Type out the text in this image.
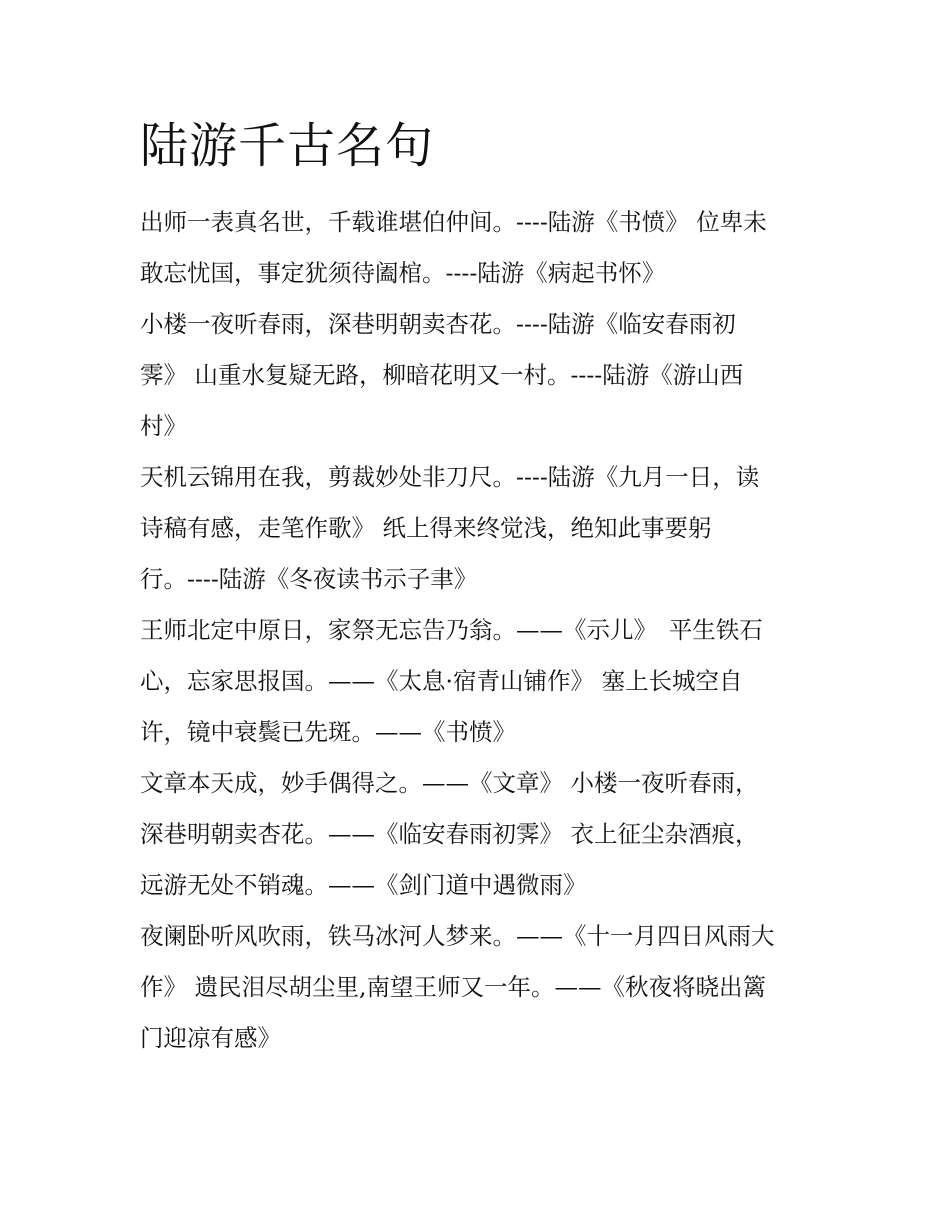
陆游千古名句

出师一表真名世，千载谁堪伯仲间。----陆游《书愤》 位卑未

敢忘忧国，事定犹须待阖棺。----陆游《病起书怀》

小楼一夜听春雨，深巷明朝卖杏花。----陆游《临安春雨初

霁》 山重水复疑无路，柳暗花明又一村。----陆游《游山西

村》

天机云锦用在我，剪裁妙处非刀尺。----陆游《九月一日，读

诗稿有感，走笔作歌》 纸上得来终觉浅，绝知此事要躬

行。----陆游《冬夜读书示子聿》

王师北定中原日，家祭无忘告乃翁。——《示儿》　平生铁石

心，忘家思报国。——《太息·宿青山铺作》 塞上长城空自

许，镜中衰鬓已先斑。——《书愤》

文章本天成，妙手偶得之。——《文章》 小楼一夜听春雨，

深巷明朝卖杏花。——《临安春雨初霁》 衣上征尘杂酒痕，

远游无处不销魂。——《剑门道中遇微雨》

夜阑卧听风吹雨，铁马冰河人梦来。——《十一月四日风雨大

作》 遗民泪尽胡尘里,南望王师又一年。——《秋夜将晓出篱

门迎凉有感》
